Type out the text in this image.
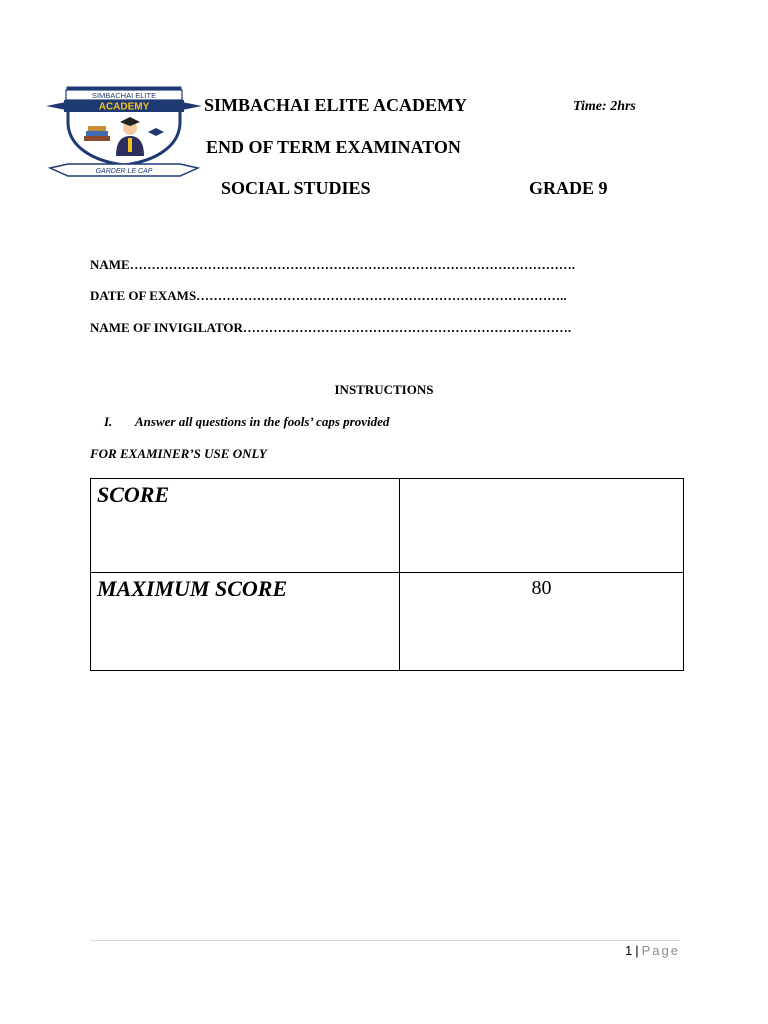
SIMBACHAI ELITE
ACADEMY
GARDER LE CAP
SIMBACHAI ELITE ACADEMY	Time: 2hrs
END OF TERM EXAMINATON
SOCIAL STUDIES	GRADE 9
NAME………………………………………………………………………………………….
DATE OF EXAMS…………………………………………………………………………..
NAME OF INVIGILATOR………………………………………………………………….
INSTRUCTIONS
I. Answer all questions in the fools’ caps provided
FOR EXAMINER’S USE ONLY
SCORE	
MAXIMUM SCORE	80
1 | Page
